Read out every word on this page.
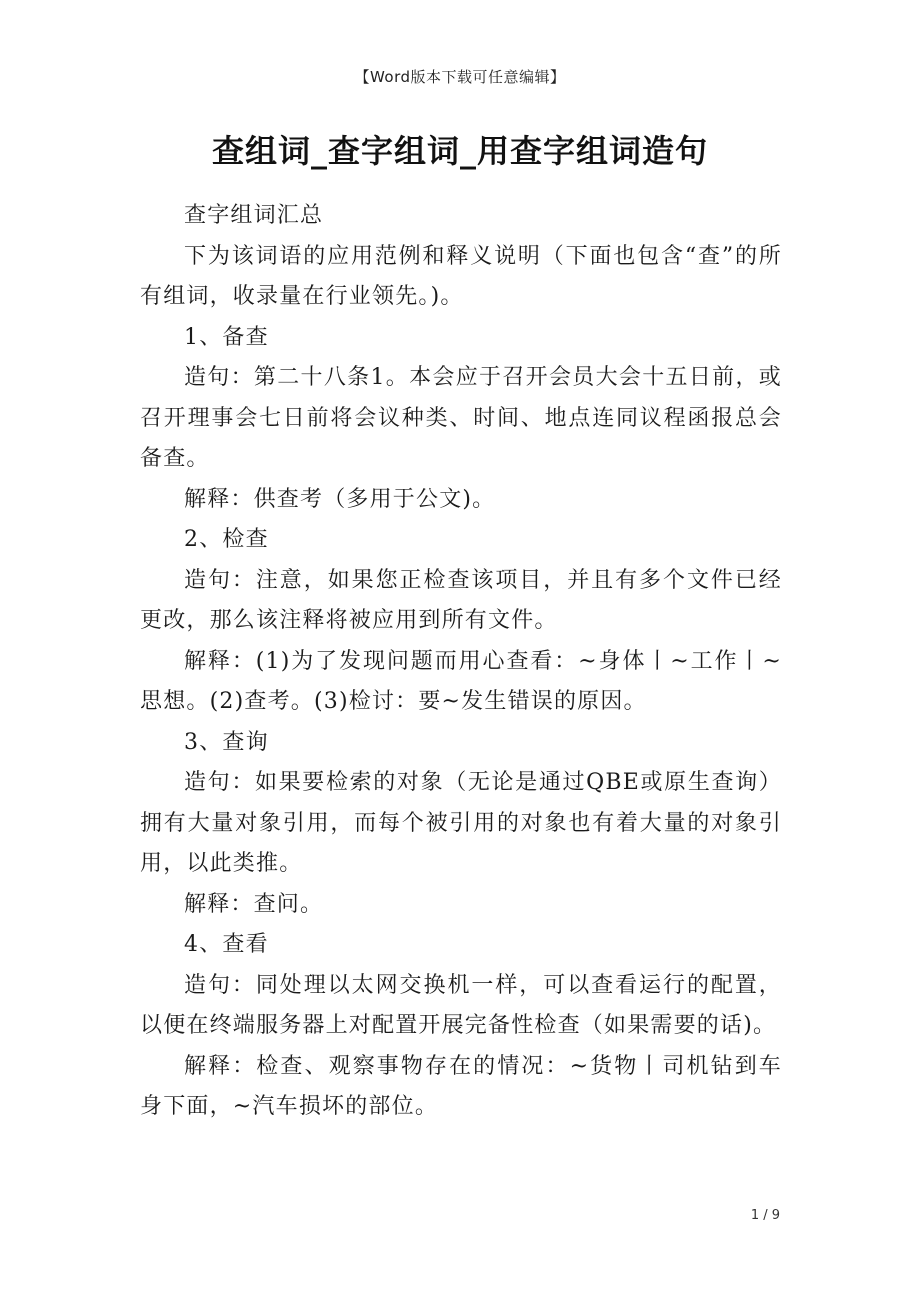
【Word版本下载可任意编辑】
查组词_查字组词_用查字组词造句

查字组词汇总

下为该词语的应用范例和释义说明（下面也包含“查”的所有组词，收录量在行业领先。)。

1、备查

造句：第二十八条1。本会应于召开会员大会十五日前，或召开理事会七日前将会议种类、时间、地点连同议程函报总会备查。

解释：供查考（多用于公文)。

2、检查

造句：注意，如果您正检查该项目，并且有多个文件已经更改，那么该注释将被应用到所有文件。

解释：(1)为了发现问题而用心查看：~身体丨~工作丨~思想。(2)查考。(3)检讨：要~发生错误的原因。

3、查询

造句：如果要检索的对象（无论是通过QBE或原生查询）拥有大量对象引用，而每个被引用的对象也有着大量的对象引用，以此类推。

解释：查问。

4、查看

造句：同处理以太网交换机一样，可以查看运行的配置，以便在终端服务器上对配置开展完备性检查（如果需要的话)。

解释：检查、观察事物存在的情况：~货物丨司机钻到车身下面，~汽车损坏的部位。

1 / 9
